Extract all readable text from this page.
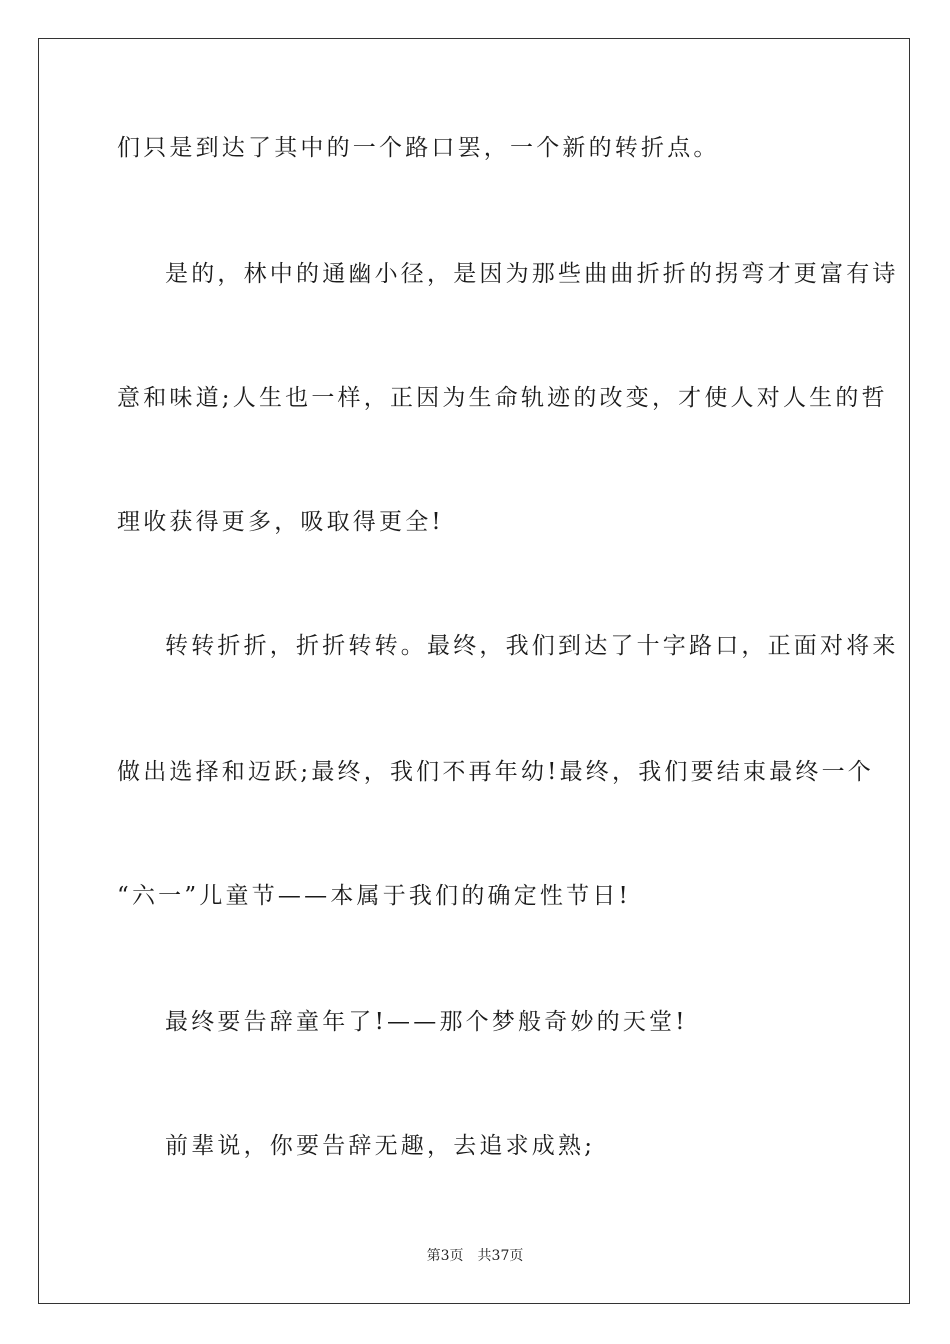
们只是到达了其中的一个路口罢，一个新的转折点。
是的，林中的通幽小径，是因为那些曲曲折折的拐弯才更富有诗
意和味道;人生也一样，正因为生命轨迹的改变，才使人对人生的哲
理收获得更多，吸取得更全!
转转折折，折折转转。最终，我们到达了十字路口，正面对将来
做出选择和迈跃;最终，我们不再年幼!最终，我们要结束最终一个
“六一”儿童节——本属于我们的确定性节日!
最终要告辞童年了!——那个梦般奇妙的天堂!
前辈说，你要告辞无趣，去追求成熟;
第3页 共37页
